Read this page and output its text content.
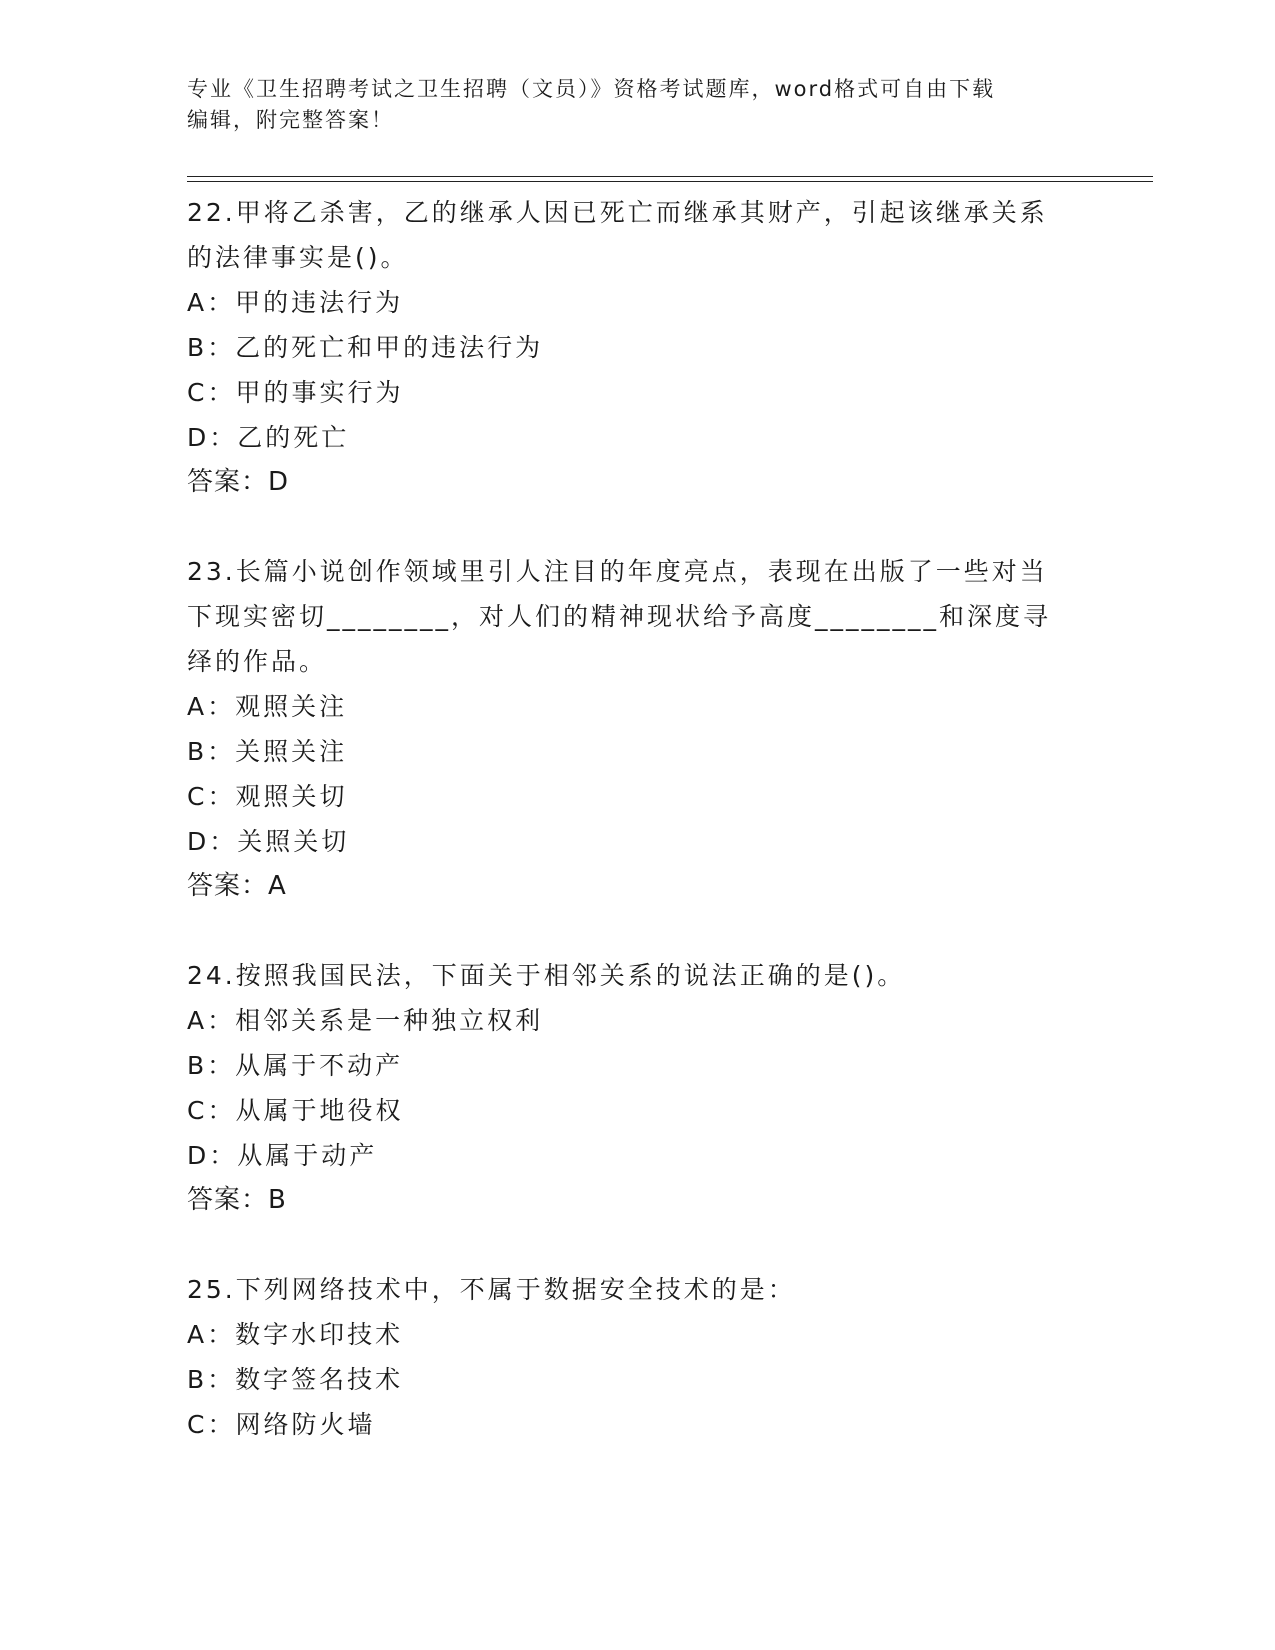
专业《卫生招聘考试之卫生招聘（文员）》资格考试题库，word格式可自由下载
编辑，附完整答案！
22.甲将乙杀害，乙的继承人因已死亡而继承其财产，引起该继承关系
的法律事实是()。
A：甲的违法行为
B：乙的死亡和甲的违法行为
C：甲的事实行为
D：乙的死亡
答案：D
23.长篇小说创作领域里引人注目的年度亮点，表现在出版了一些对当
下现实密切________，对人们的精神现状给予高度________和深度寻
绎的作品。
A：观照关注
B：关照关注
C：观照关切
D：关照关切
答案：A
24.按照我国民法，下面关于相邻关系的说法正确的是()。
A：相邻关系是一种独立权利
B：从属于不动产
C：从属于地役权
D：从属于动产
答案：B
25.下列网络技术中，不属于数据安全技术的是：
A：数字水印技术
B：数字签名技术
C：网络防火墙
